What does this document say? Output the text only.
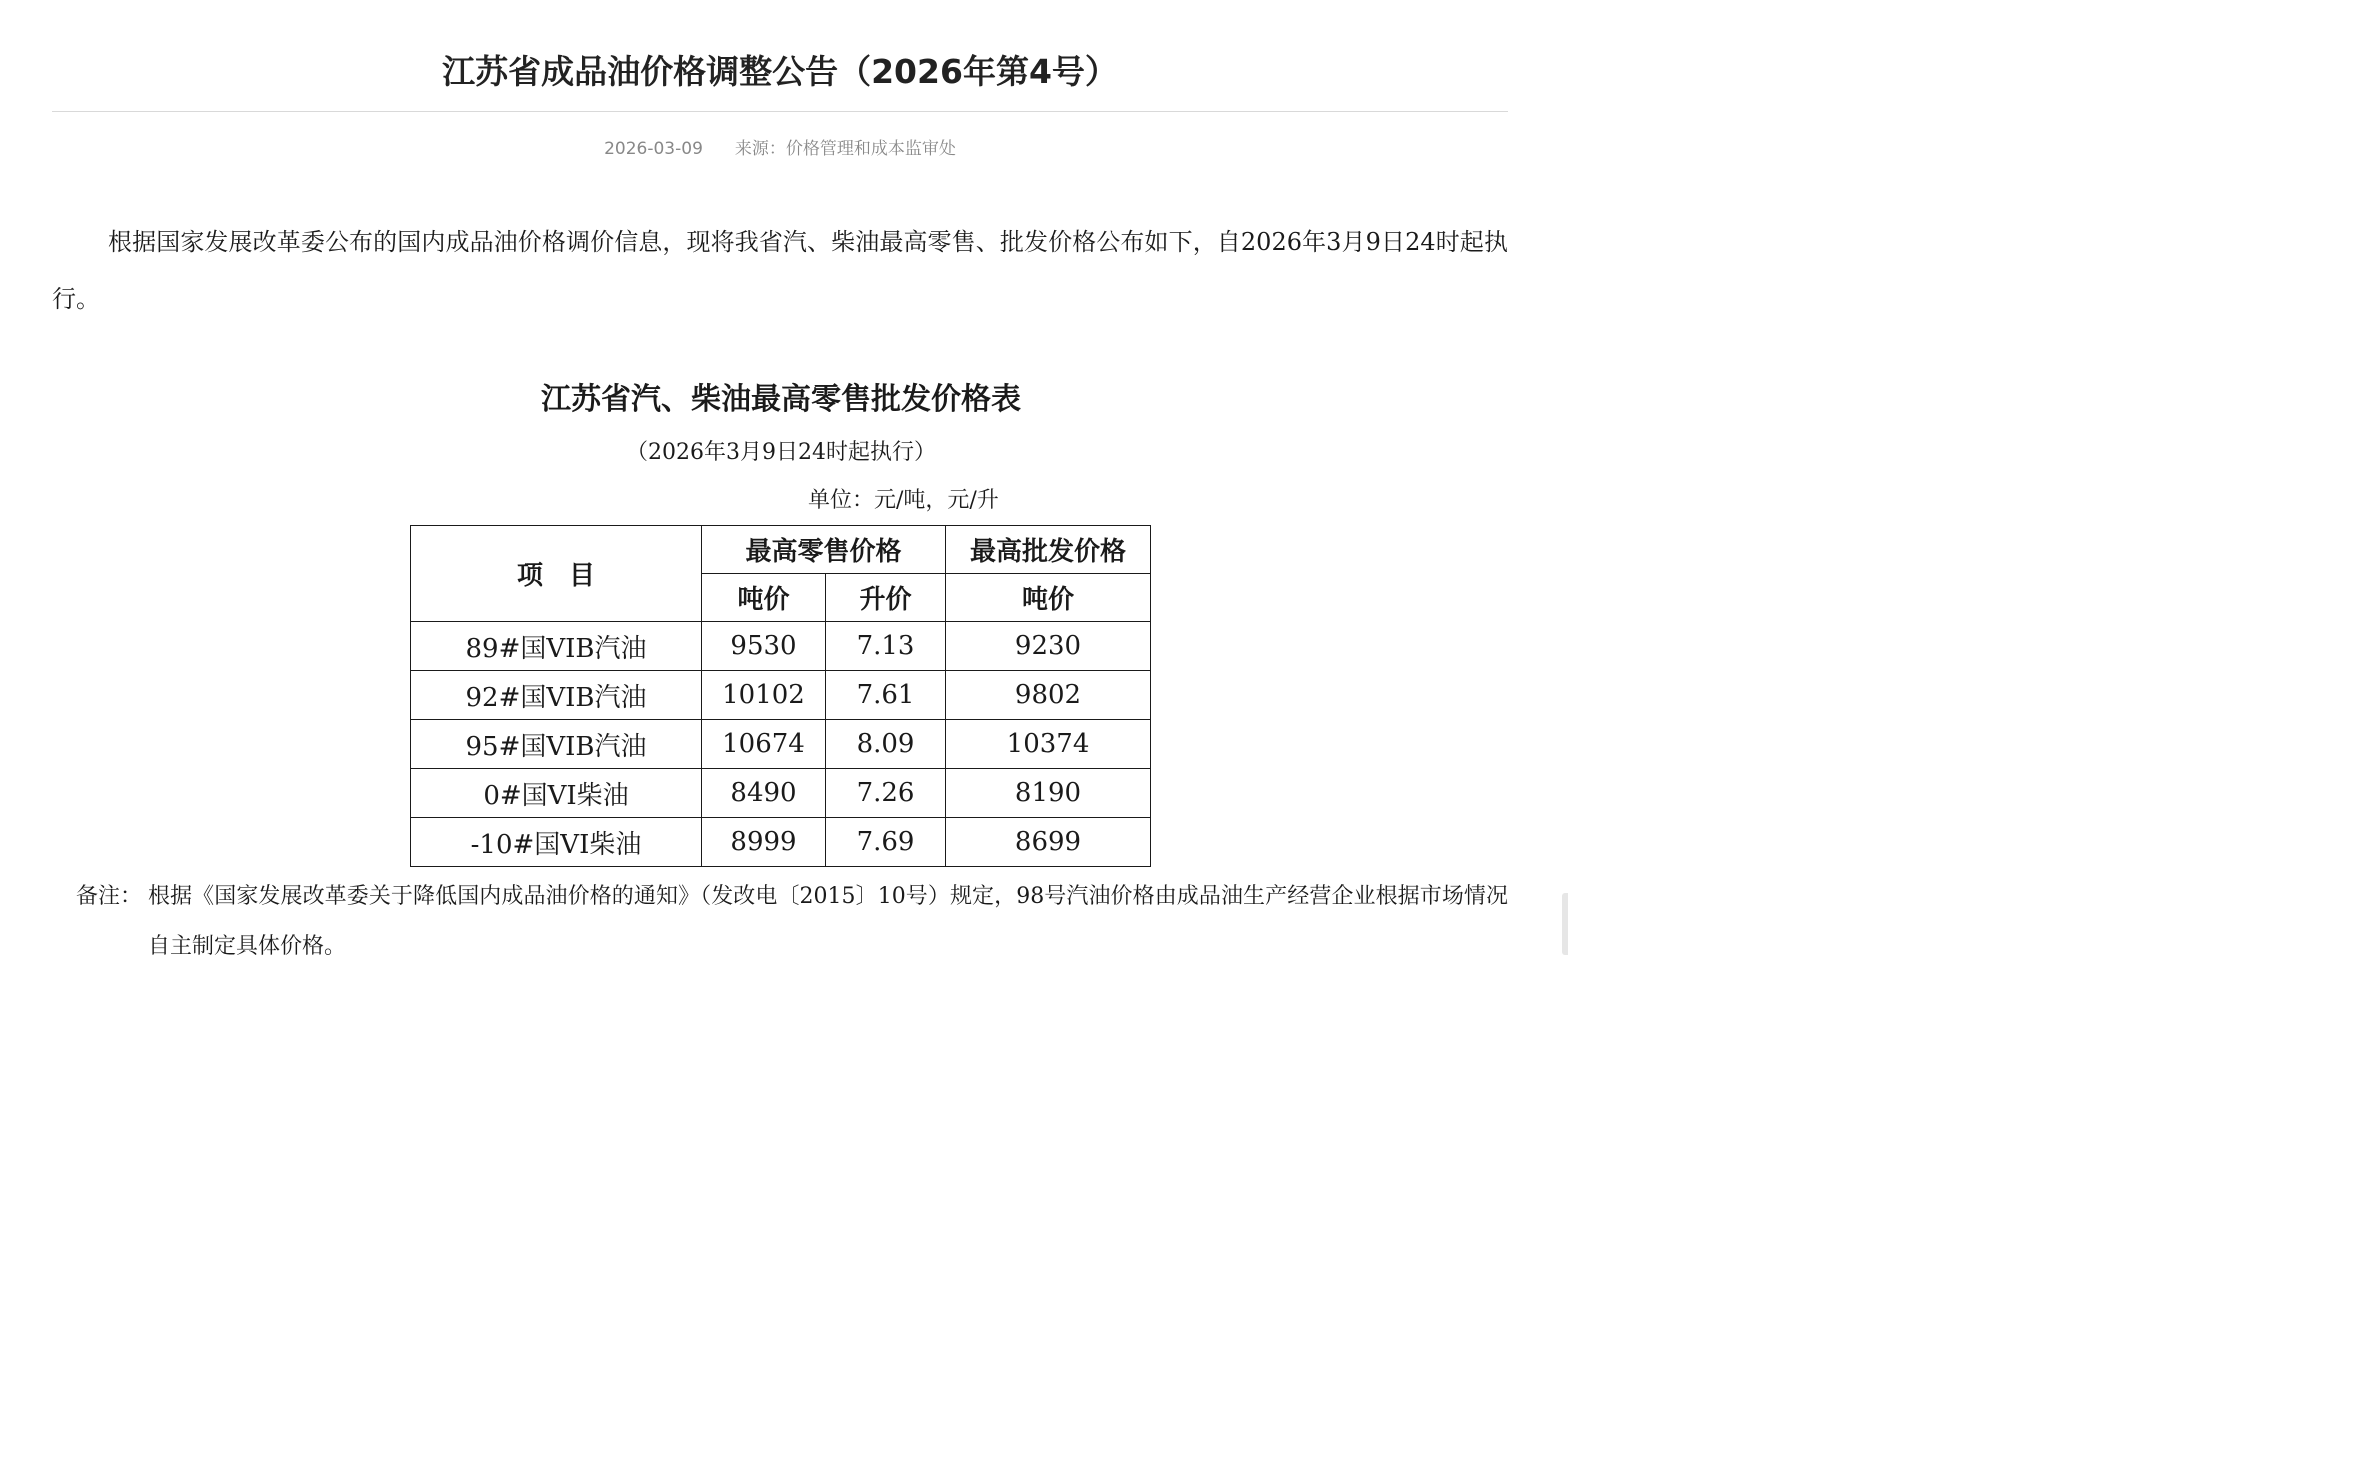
江苏省成品油价格调整公告（2026年第4号）
2026-03-09 来源：价格管理和成本监审处

根据国家发展改革委公布的国内成品油价格调价信息，现将我省汽、柴油最高零售、批发价格公布如下，自2026年3月9日24时起执行。

江苏省汽、柴油最高零售批发价格表
（2026年3月9日24时起执行）
单位：元/吨，元/升
项　目	最高零售价格		最高批发价格
	吨价	升价	吨价
89#国VIB汽油	9530	7.13	9230
92#国VIB汽油	10102	7.61	9802
95#国VIB汽油	10674	8.09	10374
0#国VI柴油	8490	7.26	8190
-10#国VI柴油	8999	7.69	8699
备注： 根据《国家发展改革委关于降低国内成品油价格的通知》（发改电〔2015〕10号）规定，98号汽油价格由成品油生产经营企业根据市场情况自主制定具体价格。
